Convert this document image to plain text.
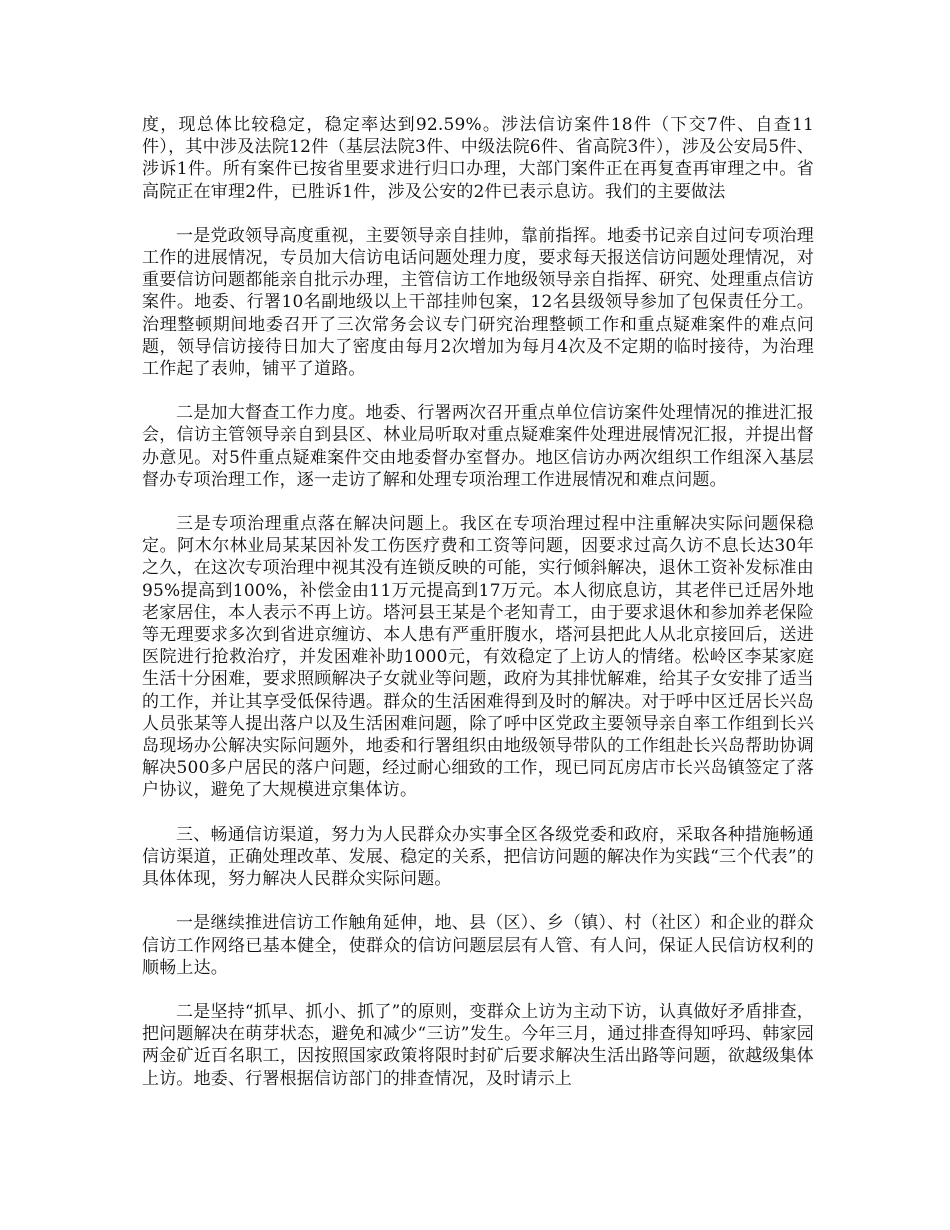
度，现总体比较稳定，稳定率达到92.59%。涉法信访案件18件（下交7件、自查11件），其中涉及法院12件（基层法院3件、中级法院6件、省高院3件），涉及公安局5件、涉诉1件。所有案件已按省里要求进行归口办理，大部门案件正在再复查再审理之中。省高院正在审理2件，已胜诉1件，涉及公安的2件已表示息访。我们的主要做法

一是党政领导高度重视，主要领导亲自挂帅，靠前指挥。地委书记亲自过问专项治理工作的进展情况，专员加大信访电话问题处理力度，要求每天报送信访问题处理情况，对重要信访问题都能亲自批示办理，主管信访工作地级领导亲自指挥、研究、处理重点信访案件。地委、行署10名副地级以上干部挂帅包案，12名县级领导参加了包保责任分工。治理整顿期间地委召开了三次常务会议专门研究治理整顿工作和重点疑难案件的难点问题，领导信访接待日加大了密度由每月2次增加为每月4次及不定期的临时接待，为治理工作起了表帅，铺平了道路。

二是加大督查工作力度。地委、行署两次召开重点单位信访案件处理情况的推进汇报会，信访主管领导亲自到县区、林业局听取对重点疑难案件处理进展情况汇报，并提出督办意见。对5件重点疑难案件交由地委督办室督办。地区信访办两次组织工作组深入基层督办专项治理工作，逐一走访了解和处理专项治理工作进展情况和难点问题。

三是专项治理重点落在解决问题上。我区在专项治理过程中注重解决实际问题保稳定。阿木尔林业局某某因补发工伤医疗费和工资等问题，因要求过高久访不息长达30年之久，在这次专项治理中视其没有连锁反映的可能，实行倾斜解决，退休工资补发标准由95%提高到100%，补偿金由11万元提高到17万元。本人彻底息访，其老伴已迁居外地老家居住，本人表示不再上访。塔河县王某是个老知青工，由于要求退休和参加养老保险等无理要求多次到省进京缠访、本人患有严重肝腹水，塔河县把此人从北京接回后，送进医院进行抢救治疗，并发困难补助1000元，有效稳定了上访人的情绪。松岭区李某家庭生活十分困难，要求照顾解决子女就业等问题，政府为其排忧解难，给其子女安排了适当的工作，并让其享受低保待遇。群众的生活困难得到及时的解决。对于呼中区迁居长兴岛人员张某等人提出落户以及生活困难问题，除了呼中区党政主要领导亲自率工作组到长兴岛现场办公解决实际问题外，地委和行署组织由地级领导带队的工作组赴长兴岛帮助协调解决500多户居民的落户问题，经过耐心细致的工作，现已同瓦房店市长兴岛镇签定了落户协议，避免了大规模进京集体访。

三、畅通信访渠道，努力为人民群众办实事全区各级党委和政府，采取各种措施畅通信访渠道，正确处理改革、发展、稳定的关系，把信访问题的解决作为实践“三个代表”的具体体现，努力解决人民群众实际问题。

一是继续推进信访工作触角延伸，地、县（区）、乡（镇）、村（社区）和企业的群众信访工作网络已基本健全，使群众的信访问题层层有人管、有人问，保证人民信访权利的顺畅上达。

二是坚持“抓早、抓小、抓了”的原则，变群众上访为主动下访，认真做好矛盾排查，把问题解决在萌芽状态，避免和减少“三访”发生。今年三月，通过排查得知呼玛、韩家园两金矿近百名职工，因按照国家政策将限时封矿后要求解决生活出路等问题，欲越级集体上访。地委、行署根据信访部门的排查情况，及时请示上
